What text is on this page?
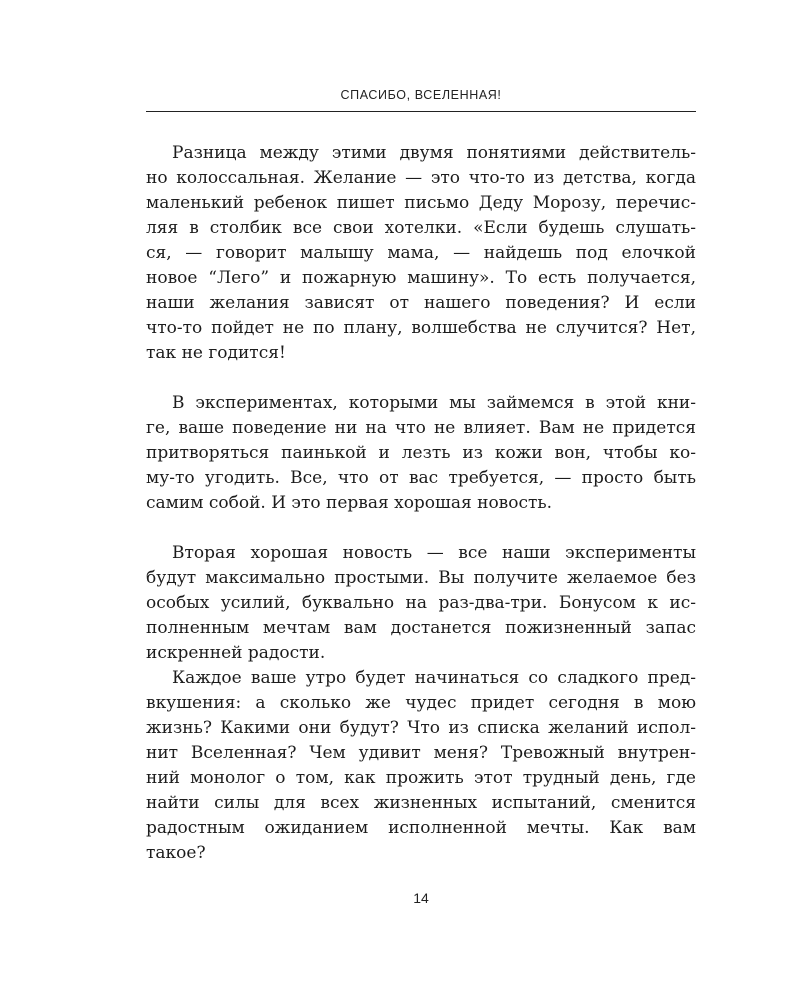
СПАСИБО, ВСЕЛЕННАЯ!
Разница между этими двумя понятиями действитель-
но колоссальная. Желание — это что-то из детства, когда
маленький ребенок пишет письмо Деду Морозу, перечис-
ляя в столбик все свои хотелки. «Если будешь слушать-
ся, — говорит малышу мама, — найдешь под елочкой
новое “Лего” и пожарную машину». То есть получается,
наши желания зависят от нашего поведения? И если
что-то пойдет не по плану, волшебства не случится? Нет,
так не годится!
В экспериментах, которыми мы займемся в этой кни-
ге, ваше поведение ни на что не влияет. Вам не придется
притворяться паинькой и лезть из кожи вон, чтобы ко-
му-то угодить. Все, что от вас требуется, — просто быть
самим собой. И это первая хорошая новость.
Вторая хорошая новость — все наши эксперименты
будут максимально простыми. Вы получите желаемое без
особых усилий, буквально на раз-два-три. Бонусом к ис-
полненным мечтам вам достанется пожизненный запас
искренней радости.
Каждое ваше утро будет начинаться со сладкого пред-
вкушения: а сколько же чудес придет сегодня в мою
жизнь? Какими они будут? Что из списка желаний испол-
нит Вселенная? Чем удивит меня? Тревожный внутрен-
ний монолог о том, как прожить этот трудный день, где
найти силы для всех жизненных испытаний, сменится
радостным ожиданием исполненной мечты. Как вам
такое?
14
